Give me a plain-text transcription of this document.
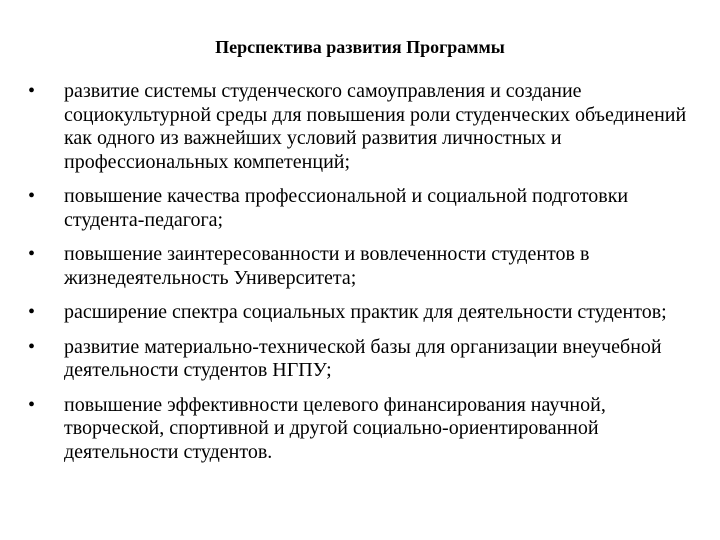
Перспектива развития Программы
•	развитие системы студенческого самоуправления и создание социокультурной среды для повышения роли студенческих объединений как одного из важнейших условий развития личностных и профессиональных компетенций;
•	повышение качества профессиональной и социальной подготовки студента-педагога;
•	повышение заинтересованности и вовлеченности студентов в жизнедеятельность Университета;
•	расширение спектра социальных практик для деятельности студентов;
•	развитие материально-технической базы для организации внеучебной деятельности студентов НГПУ;
•	повышение эффективности целевого финансирования научной, творческой, спортивной и другой социально-ориентированной деятельности студентов.
